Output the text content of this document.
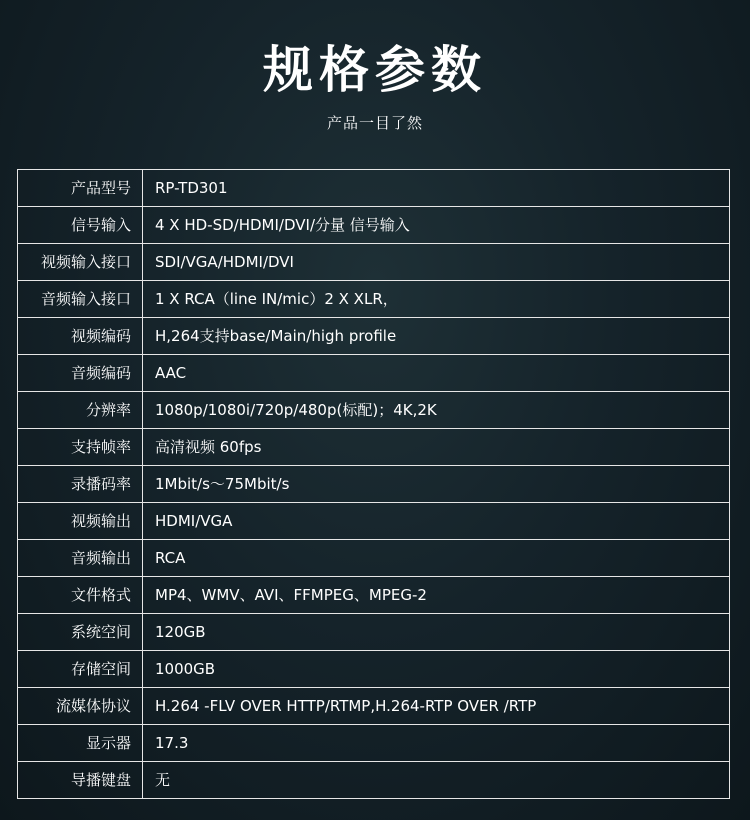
规格参数
产品一目了然
产品型号	RP-TD301
信号输入	4 X HD-SD/HDMI/DVI/分量 信号输入
视频输入接口	SDI/VGA/HDMI/DVI
音频输入接口	1 X RCA（line IN/mic）2 X XLR，
视频编码	H,264支持base/Main/high profile
音频编码	AAC
分辨率	1080p/1080i/720p/480p(标配)；4K,2K
支持帧率	高清视频 60fps
录播码率	1Mbit/s〜75Mbit/s
视频输出	HDMI/VGA
音频输出	RCA
文件格式	MP4、WMV、AVI、FFMPEG、MPEG-2
系统空间	120GB
存储空间	1000GB
流媒体协议	H.264 -FLV OVER HTTP/RTMP,H.264-RTP OVER /RTP
显示器	17.3
导播键盘	无
